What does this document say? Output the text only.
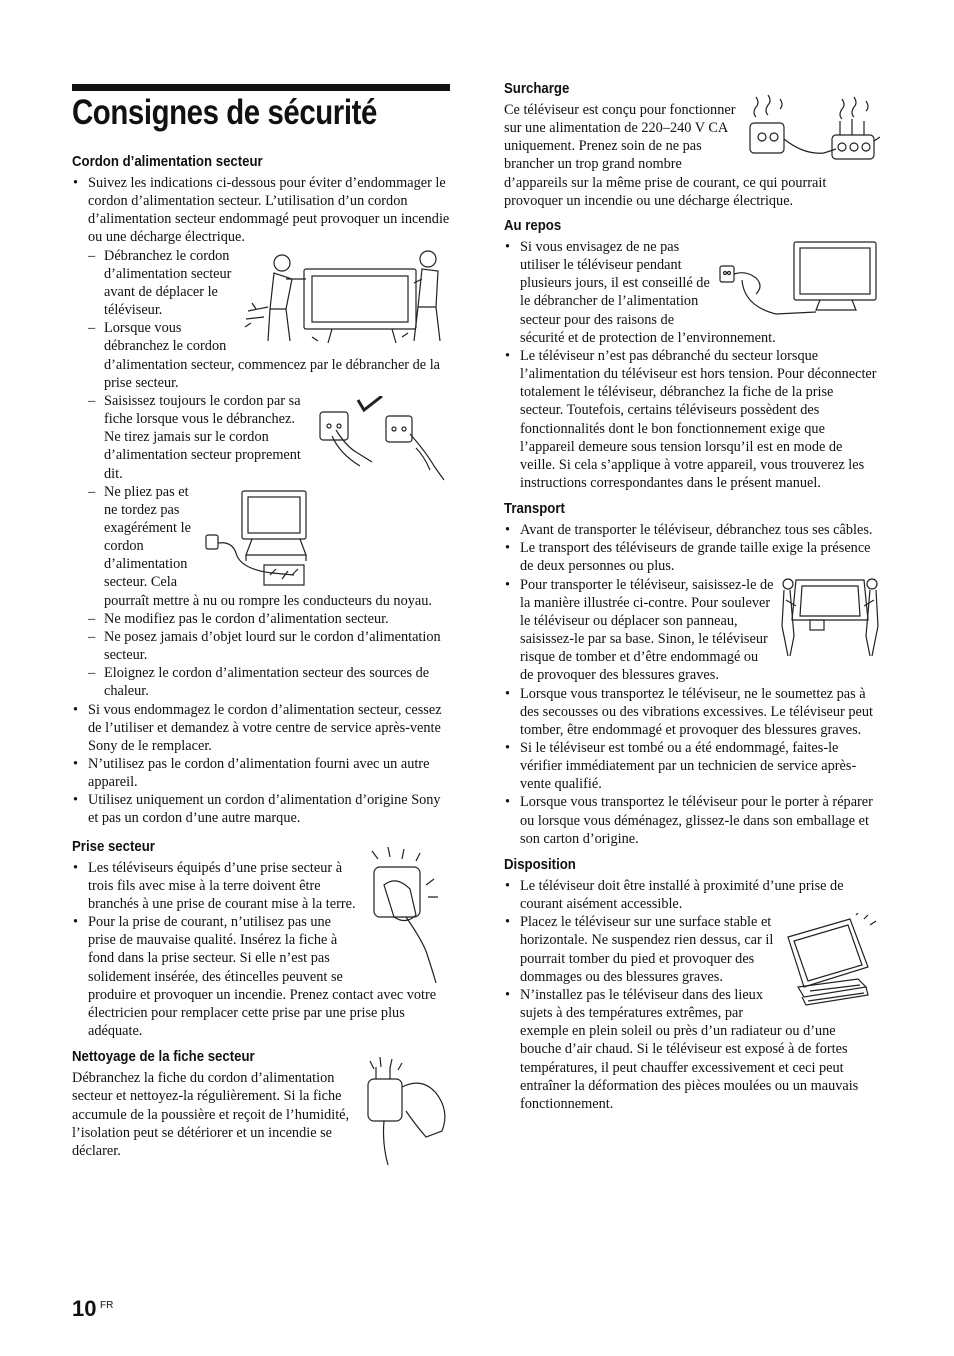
Consignes de sécurité
Cordon d’alimentation secteur
• Suivez les indications ci-dessous pour éviter d’endommager le cordon d’alimentation secteur. L’utilisation d’un cordon d’alimentation secteur endommagé peut provoquer un incendie ou une décharge électrique.
– Débranchez le cordon d’alimentation secteur avant de déplacer le téléviseur.
– Lorsque vous débranchez le cordon d’alimentation secteur, commencez par le débrancher de la prise secteur.
– Saisissez toujours le cordon par sa fiche lorsque vous le débranchez. Ne tirez jamais sur le cordon d’alimentation secteur proprement dit.
– Ne pliez pas et ne tordez pas exagérément le cordon d’alimentation secteur. Cela pourraît mettre à nu ou rompre les conducteurs du noyau.
– Ne modifiez pas le cordon d’alimentation secteur.
– Ne posez jamais d’objet lourd sur le cordon d’alimentation secteur.
– Eloignez le cordon d’alimentation secteur des sources de chaleur.
• Si vous endommagez le cordon d’alimentation secteur, cessez de l’utiliser et demandez à votre centre de service après-vente Sony de le remplacer.
• N’utilisez pas le cordon d’alimentation fourni avec un autre appareil.
• Utilisez uniquement un cordon d’alimentation d’origine Sony et pas un cordon d’une autre marque.
Prise secteur
• Les téléviseurs équipés d’une prise secteur à trois fils avec mise à la terre doivent être branchés à une prise de courant mise à la terre.
• Pour la prise de courant, n’utilisez pas une prise de mauvaise qualité. Insérez la fiche à fond dans la prise secteur. Si elle n’est pas solidement insérée, des étincelles peuvent se produire et provoquer un incendie. Prenez contact avec votre électricien pour remplacer cette prise par une prise plus adéquate.
Nettoyage de la fiche secteur
Débranchez la fiche du cordon d’alimentation secteur et nettoyez-la régulièrement. Si la fiche accumule de la poussière et reçoit de l’humidité, l’isolation peut se détériorer et un incendie se déclarer.
Surcharge
Ce téléviseur est conçu pour fonctionner sur une alimentation de 220–240 V CA uniquement. Prenez soin de ne pas brancher un trop grand nombre d’appareils sur la même prise de courant, ce qui pourrait provoquer un incendie ou une décharge électrique.
Au repos
• Si vous envisagez de ne pas utiliser le téléviseur pendant plusieurs jours, il est conseillé de le débrancher de l’alimentation secteur pour des raisons de sécurité et de protection de l’environnement.
• Le téléviseur n’est pas débranché du secteur lorsque l’alimentation du téléviseur est hors tension. Pour déconnecter totalement le téléviseur, débranchez la fiche de la prise secteur. Toutefois, certains téléviseurs possèdent des fonctionnalités dont le bon fonctionnement exige que l’appareil demeure sous tension lorsqu’il est en mode de veille. Si cela s’applique à votre appareil, vous trouverez les instructions correspondantes dans le présent manuel.
Transport
• Avant de transporter le téléviseur, débranchez tous ses câbles.
• Le transport des téléviseurs de grande taille exige la présence de deux personnes ou plus.
• Pour transporter le téléviseur, saisissez-le de la manière illustrée ci-contre. Pour soulever le téléviseur ou déplacer son panneau, saisissez-le par sa base. Sinon, le téléviseur risque de tomber et d’être endommagé ou de provoquer des blessures graves.
• Lorsque vous transportez le téléviseur, ne le soumettez pas à des secousses ou des vibrations excessives. Le téléviseur peut tomber, être endommagé et provoquer des blessures graves.
• Si le téléviseur est tombé ou a été endommagé, faites-le vérifier immédiatement par un technicien de service après-vente qualifié.
• Lorsque vous transportez le téléviseur pour le porter à réparer ou lorsque vous déménagez, glissez-le dans son emballage et son carton d’origine.
Disposition
• Le téléviseur doit être installé à proximité d’une prise de courant aisément accessible.
• Placez le téléviseur sur une surface stable et horizontale. Ne suspendez rien dessus, car il pourrait tomber du pied et provoquer des dommages ou des blessures graves.
• N’installez pas le téléviseur dans des lieux sujets à des températures extrêmes, par exemple en plein soleil ou près d’un radiateur ou d’une bouche d’air chaud. Si le téléviseur est exposé à de fortes températures, il peut chauffer excessivement et ceci peut entraîner la déformation des pièces moulées ou un mauvais fonctionnement.
10 FR
